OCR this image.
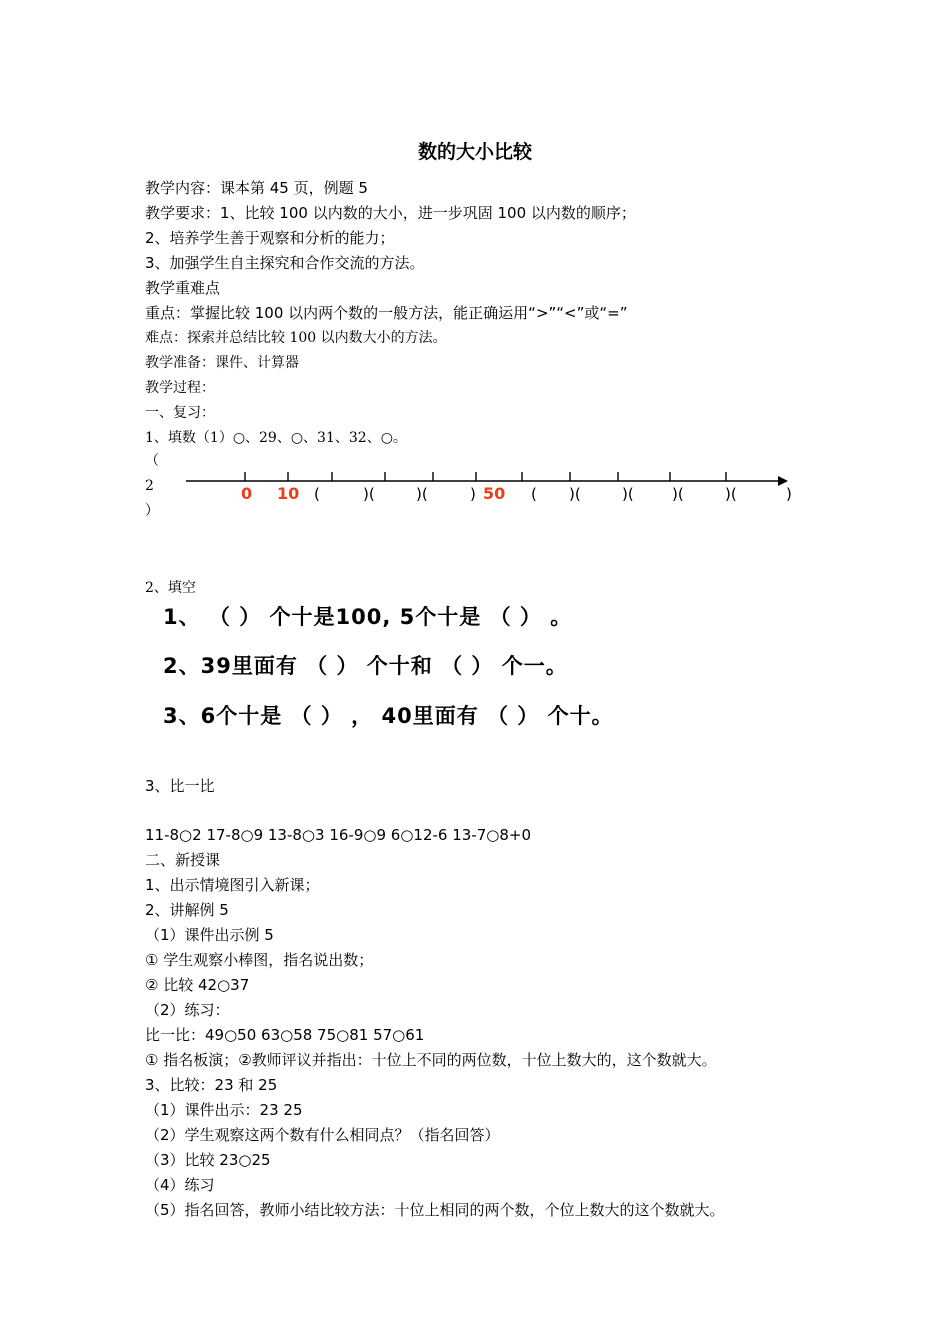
数的大小比较
教学内容：课本第 45 页，例题 5
教学要求：1、比较 100 以内数的大小，进一步巩固 100 以内数的顺序；
2、培养学生善于观察和分析的能力；
3、加强学生自主探究和合作交流的方法。
教学重难点
重点：掌握比较 100 以内两个数的一般方法，能正确运用“>”“<”或“=”
难点：探索并总结比较 100 以内数大小的方法。
教学准备：课件、计算器
教学过程：
一、复习：
1、填数（1）○、29、○、31、32、○。
（
2
）
0 10	50
(	)(	)(	)	( )(	)(	)(	)(	)
2、填空
1、 （ ） 个十是100, 5个十是 （ ） 。
2、39里面有 （ ） 个十和 （ ） 个一。
3、6个十是 （ ） ， 40里面有 （ ） 个十。
3、比一比
11-8○2 17-8○9 13-8○3 16-9○9 6○12-6 13-7○8+0
二、新授课
1、出示情境图引入新课；
2、讲解例 5
（1）课件出示例 5
① 学生观察小棒图，指名说出数；
② 比较 42○37
（2）练习：
比一比：49○50 63○58 75○81 57○61
① 指名板演；②教师评议并指出：十位上不同的两位数，十位上数大的，这个数就大。
3、比较：23 和 25
（1）课件出示：23 25
（2）学生观察这两个数有什么相同点？（指名回答）
（3）比较 23○25
（4）练习
（5）指名回答，教师小结比较方法：十位上相同的两个数，个位上数大的这个数就大。
